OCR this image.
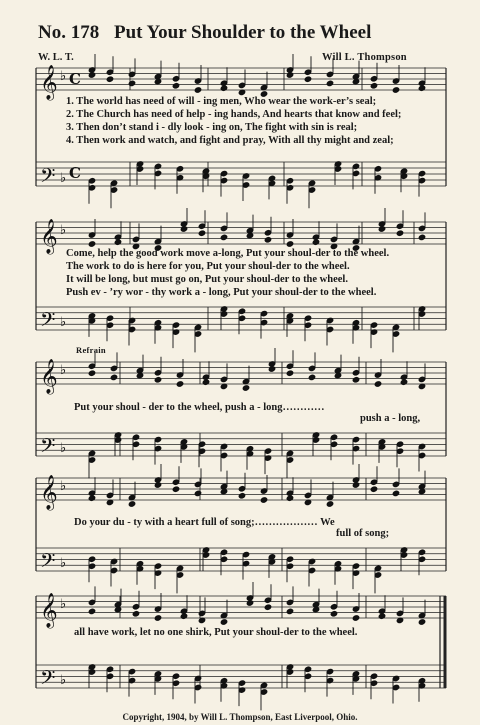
No. 178 Put Your Shoulder to the Wheel
W. L. T.	Will L. Thompson
𝄞
𝄞
𝄞
𝄞
𝄞
𝄢
𝄢
𝄢
𝄢
𝄢
♭
♭
♭
♭
♭
♭
♭
♭
♭
♭
C
C
1. The world has need of will - ing men, Who wear the work-er’s seal;
2. The Church has need of help - ing hands, And hearts that know and feel;
3. Then don’t stand i - dly look - ing on, The fight with sin is real;
4. Then work and watch, and fight and pray, With all thy might and zeal;
Come, help the good work move a-long, Put your shoul-der to the wheel.
The work to do is here for you, Put your shoul-der to the wheel.
It will be long, but must go on, Put your shoul-der to the wheel.
Push ev - ’ry wor - thy work a - long, Put your shoul-der to the wheel.
Refrain
Put your shoul - der to the wheel, push a - long…………
push a - long,
Do your du - ty with a heart full of song;……………… We
full of song;
all have work, let no one shirk, Put your shoul-der to the wheel.
Copyright, 1904, by Will L. Thompson, East Liverpool, Ohio.
